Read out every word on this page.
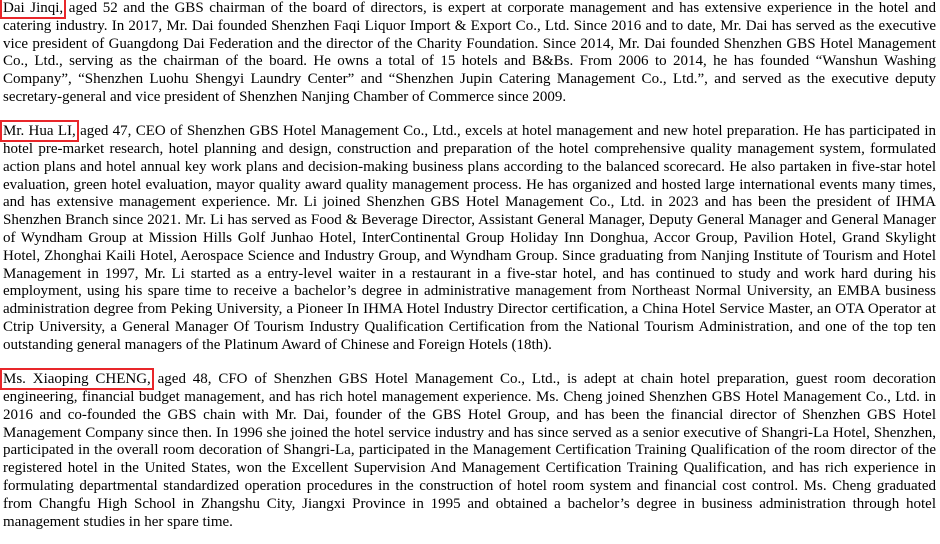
Dai Jinqi, aged 52 and the GBS chairman of the board of directors, is expert at corporate management and has extensive experience in the hotel and catering industry. In 2017, Mr. Dai founded Shenzhen Faqi Liquor Import & Export Co., Ltd. Since 2016 and to date, Mr. Dai has served as the executive vice president of Guangdong Dai Federation and the director of the Charity Foundation. Since 2014, Mr. Dai founded Shenzhen GBS Hotel Management Co., Ltd., serving as the chairman of the board. He owns a total of 15 hotels and B&Bs. From 2006 to 2014, he has founded “Wanshun Washing Company”, “Shenzhen Luohu Shengyi Laundry Center” and “Shenzhen Jupin Catering Management Co., Ltd.”, and served as the executive deputy secretary-general and vice president of Shenzhen Nanjing Chamber of Commerce since 2009.

Mr. Hua LI, aged 47, CEO of Shenzhen GBS Hotel Management Co., Ltd., excels at hotel management and new hotel preparation. He has participated in hotel pre-market research, hotel planning and design, construction and preparation of the hotel comprehensive quality management system, formulated action plans and hotel annual key work plans and decision-making business plans according to the balanced scorecard. He also partaken in five-star hotel evaluation, green hotel evaluation, mayor quality award quality management process. He has organized and hosted large international events many times, and has extensive management experience. Mr. Li joined Shenzhen GBS Hotel Management Co., Ltd. in 2023 and has been the president of IHMA Shenzhen Branch since 2021. Mr. Li has served as Food & Beverage Director, Assistant General Manager, Deputy General Manager and General Manager of Wyndham Group at Mission Hills Golf Junhao Hotel, InterContinental Group Holiday Inn Donghua, Accor Group, Pavilion Hotel, Grand Skylight Hotel, Zhonghai Kaili Hotel, Aerospace Science and Industry Group, and Wyndham Group. Since graduating from Nanjing Institute of Tourism and Hotel Management in 1997, Mr. Li started as a entry-level waiter in a restaurant in a five-star hotel, and has continued to study and work hard during his employment, using his spare time to receive a bachelor’s degree in administrative management from Northeast Normal University, an EMBA business administration degree from Peking University, a Pioneer In IHMA Hotel Industry Director certification, a China Hotel Service Master, an OTA Operator at Ctrip University, a General Manager Of Tourism Industry Qualification Certification from the National Tourism Administration, and one of the top ten outstanding general managers of the Platinum Award of Chinese and Foreign Hotels (18th).

Ms. Xiaoping CHENG, aged 48, CFO of Shenzhen GBS Hotel Management Co., Ltd., is adept at chain hotel preparation, guest room decoration engineering, financial budget management, and has rich hotel management experience. Ms. Cheng joined Shenzhen GBS Hotel Management Co., Ltd. in 2016 and co-founded the GBS chain with Mr. Dai, founder of the GBS Hotel Group, and has been the financial director of Shenzhen GBS Hotel Management Company since then. In 1996 she joined the hotel service industry and has since served as a senior executive of Shangri-La Hotel, Shenzhen, participated in the overall room decoration of Shangri-La, participated in the Management Certification Training Qualification of the room director of the registered hotel in the United States, won the Excellent Supervision And Management Certification Training Qualification, and has rich experience in formulating departmental standardized operation procedures in the construction of hotel room system and financial cost control. Ms. Cheng graduated from Changfu High School in Zhangshu City, Jiangxi Province in 1995 and obtained a bachelor’s degree in business administration through hotel management studies in her spare time.
